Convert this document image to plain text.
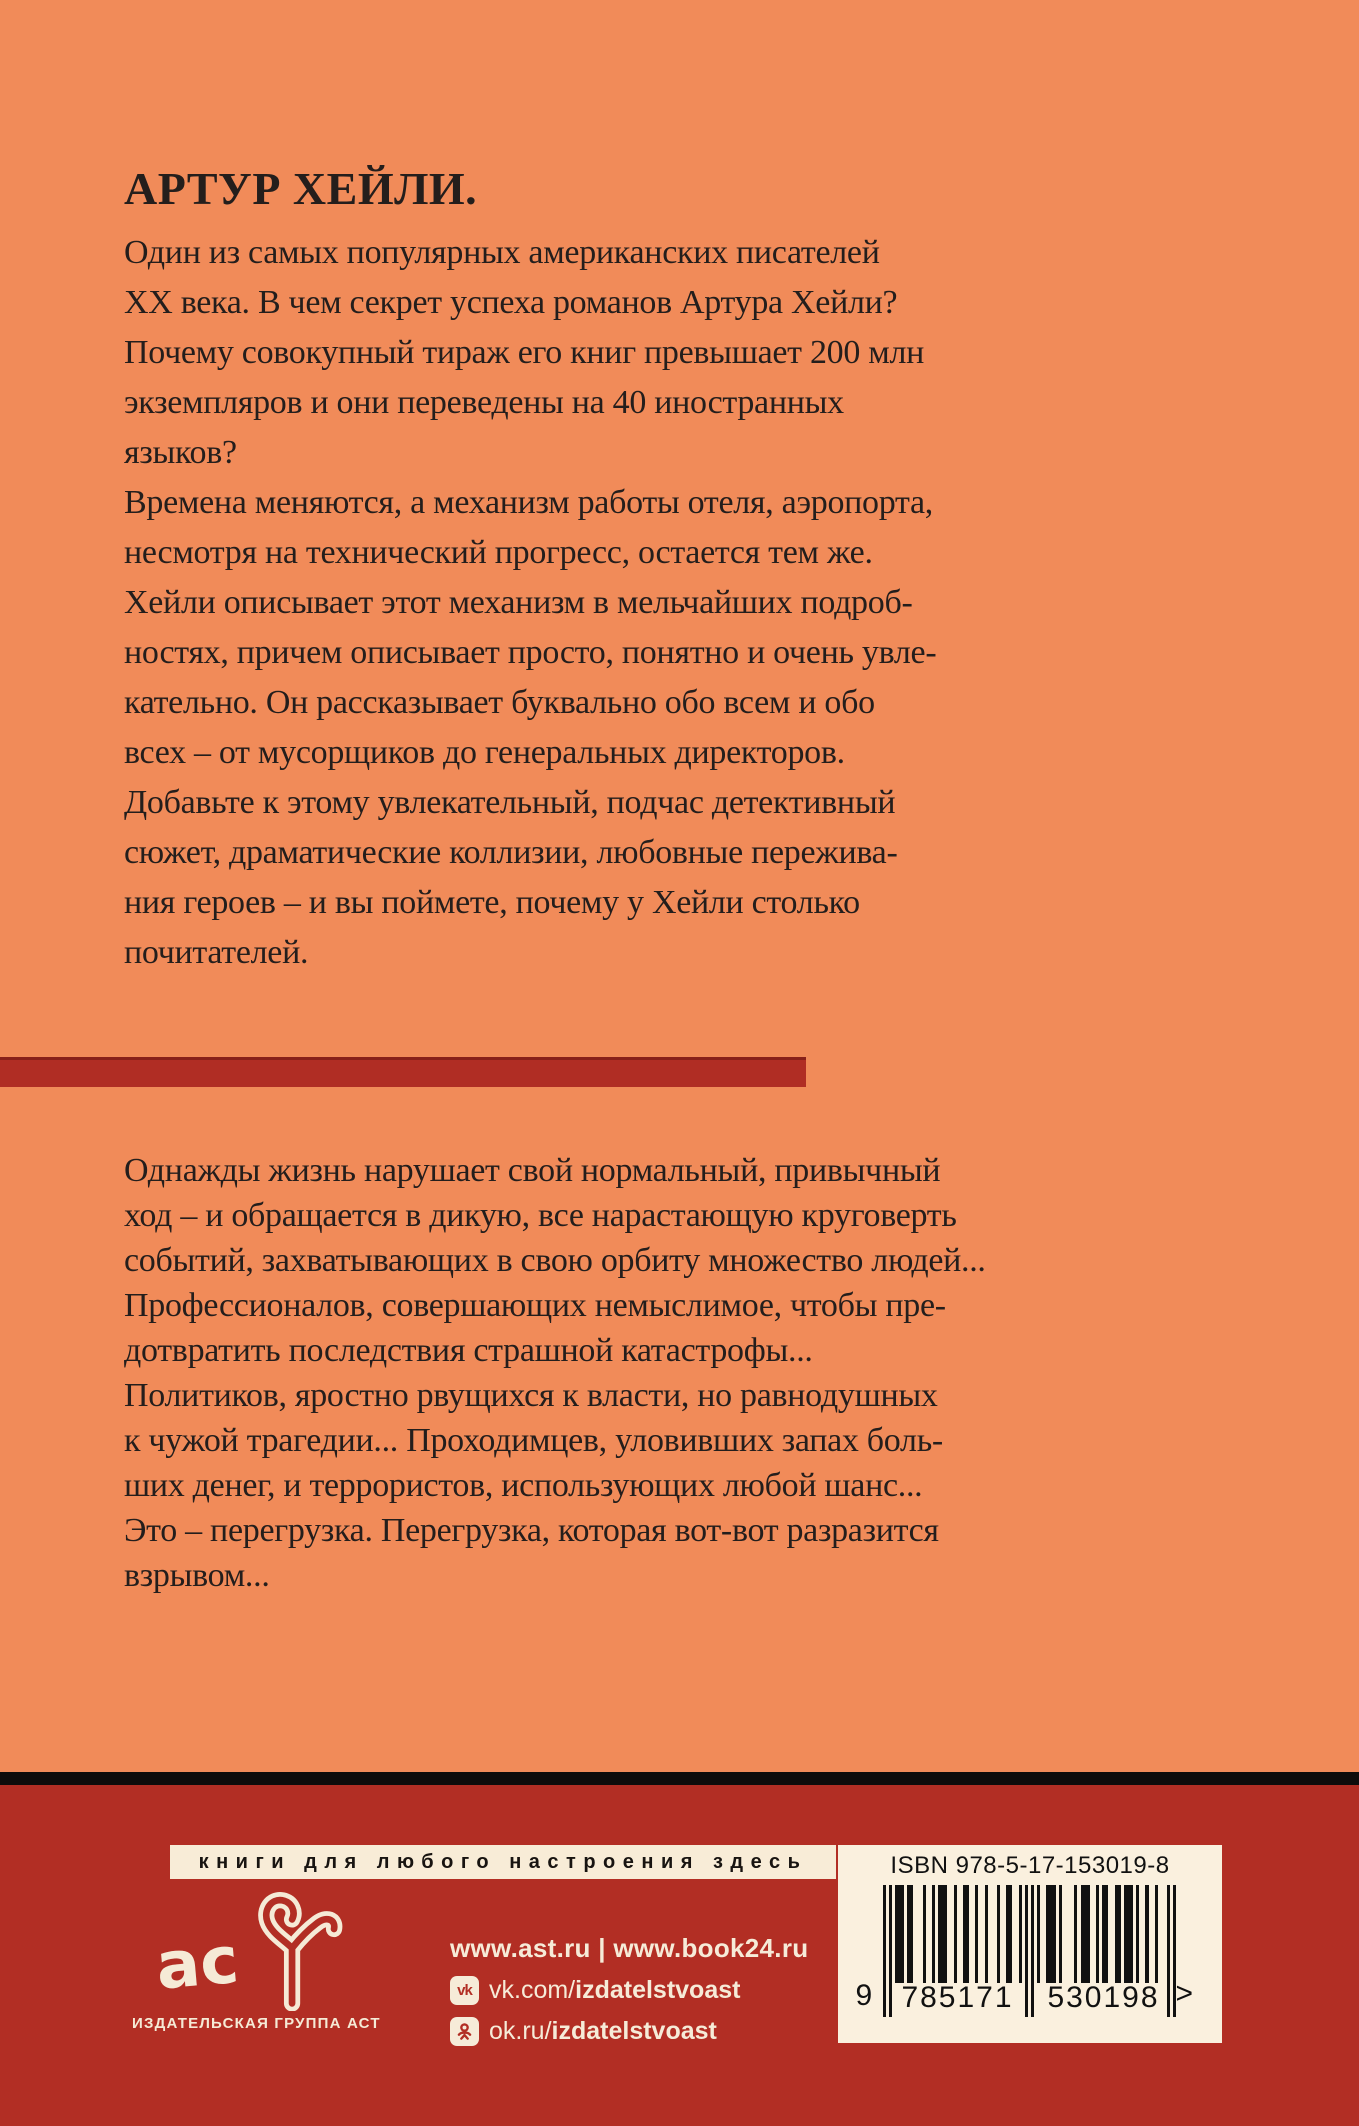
АРТУР ХЕЙЛИ.
Один из самых популярных американских писателей
ХХ века. В чем секрет успеха романов Артура Хейли?
Почему совокупный тираж его книг превышает 200 млн
экземпляров и они переведены на 40 иностранных
языков?
Времена меняются, а механизм работы отеля, аэропорта,
несмотря на технический прогресс, остается тем же.
Хейли описывает этот механизм в мельчайших подроб-
ностях, причем описывает просто, понятно и очень увле-
кательно. Он рассказывает буквально обо всем и обо
всех – от мусорщиков до генеральных директоров.
Добавьте к этому увлекательный, подчас детективный
сюжет, драматические коллизии, любовные пережива-
ния героев – и вы поймете, почему у Хейли столько
почитателей.
Однажды жизнь нарушает свой нормальный, привычный
ход – и обращается в дикую, все нарастающую круговерть
событий, захватывающих в свою орбиту множество людей...
Профессионалов, совершающих немыслимое, чтобы пре-
дотвратить последствия страшной катастрофы...
Политиков, яростно рвущихся к власти, но равнодушных
к чужой трагедии... Проходимцев, уловивших запах боль-
ших денег, и террористов, использующих любой шанс...
Это – перегрузка. Перегрузка, которая вот-вот разразится
взрывом...
книги для любого настроения здесь
ac
ИЗДАТЕЛЬСКАЯ ГРУППА АСТ
www.ast.ru | www.book24.ru
vk vk.com/izdatelstvoast
ok.ru/izdatelstvoast
ISBN 978-5-17-153019-8
9 785171 530198 >
